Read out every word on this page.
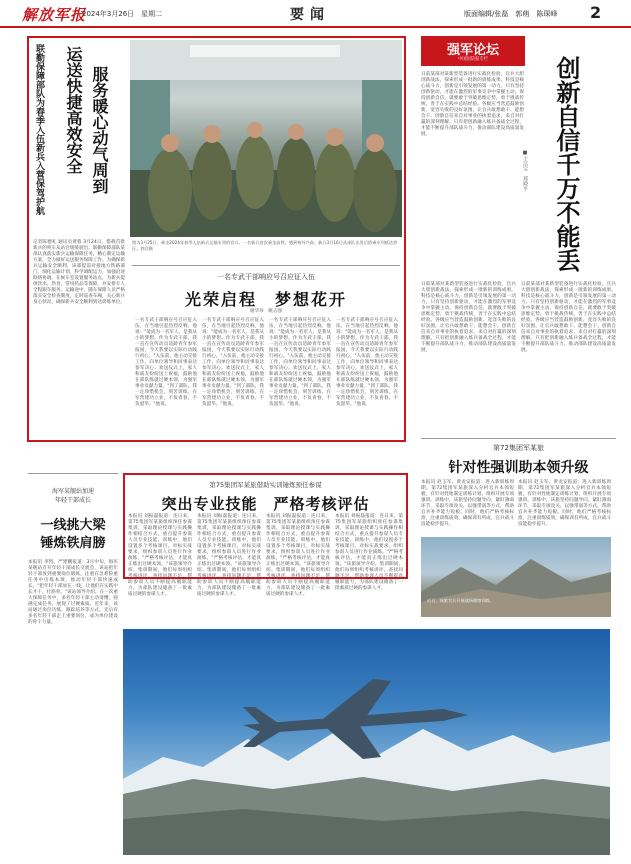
解放军报
2024年3月26日　星期二	要闻	版面编辑/张磊　郭萌　陈琛峰 2
服务暖心动气周到
运送快捷高效安全
联勤保障部队为春季入伍新兵入营保驾护航
记者陈德礼 通讯员黄蓉 3月24日，搭载首批新兵的列车从站台缓缓驶出。联勤保障部队某部认真落实新兵运输保障任务，精心制定运输方案，全力做好运送服务保障工作。为确保新兵运输安全顺利，该部提前对接地方铁路部门，细化运输计划，科学调配运力，加强沿途联络协调。在候车室设置服务站点，为新兵提供饮水、热食、常用药品等保障，并安排专人全程跟车服务。运输途中，随车保障人员严格落实安全检查制度，定时巡查车厢，关心新兵身心状况，确保新兵安全顺利到达训练单位。
图为3月25日，乘坐2024年春季入伍新兵运输专列的官兵。一名新兵首次乘坐高铁，感到格外兴奋。新兵3月16日从部队出发后搭乘专列抵达营区。郭宾摄
一名专武干部响应号召应征入伍
光荣启程　梦想花开
谢华珍　姚志强
一名专武干部响应号召应征入伍，在当地引起热烈反响。他说："能成为一名军人，是我从小的梦想。作为专武干部，我一直在宣传动员适龄青年参军报国，今天我要以实际行动践行初心。"入伍前，他主动交接工作，向单位领导和同事表达参军决心。欢送仪式上，家人和战友纷纷送上祝福，鼓励他在部队练就过硬本领，为强军事业贡献力量。"到了部队，我一定珍惜机会，刻苦训练，在军营建功立业，不负青春、不负韶华。"他说。
一名专武干部响应号召应征入伍，在当地引起热烈反响。他说："能成为一名军人，是我从小的梦想。作为专武干部，我一直在宣传动员适龄青年参军报国，今天我要以实际行动践行初心。"入伍前，他主动交接工作，向单位领导和同事表达参军决心。欢送仪式上，家人和战友纷纷送上祝福，鼓励他在部队练就过硬本领，为强军事业贡献力量。"到了部队，我一定珍惜机会，刻苦训练，在军营建功立业，不负青春、不负韶华。"他说。
一名专武干部响应号召应征入伍，在当地引起热烈反响。他说："能成为一名军人，是我从小的梦想。作为专武干部，我一直在宣传动员适龄青年参军报国，今天我要以实际行动践行初心。"入伍前，他主动交接工作，向单位领导和同事表达参军决心。欢送仪式上，家人和战友纷纷送上祝福，鼓励他在部队练就过硬本领，为强军事业贡献力量。"到了部队，我一定珍惜机会，刻苦训练，在军营建功立业，不负青春、不负韶华。"他说。
一名专武干部响应号召应征入伍，在当地引起热烈反响。他说："能成为一名军人，是我从小的梦想。作为专武干部，我一直在宣传动员适龄青年参军报国，今天我要以实际行动践行初心。"入伍前，他主动交接工作，向单位领导和同事表达参军决心。欢送仪式上，家人和战友纷纷送上祝福，鼓励他在部队练就过硬本领，为强军事业贡献力量。"到了部队，我一定珍惜机会，刻苦训练，在军营建功立业，不负青春、不负韶华。"他说。
强军论坛
中国国防报专栏	创新自信千万不能丢
■于洁宝　郑晓平
日前某部对某新型装备进行实战化检验，官兵大胆创新战法，探索形成一批新的训练成果。科技是核心战斗力，创新是引领发展的第一动力。只有坚持创新驱动，才能在激烈的军事竞争中掌握主动。保持创新自信，就要敢于突破思维定势，勇于挑战传统，善于在实践中总结经验。各级应当营造鼓励创新、宽容失败的良好氛围，让官兵敢想敢干、能想会干。创新自信来自对事业的执着追求，来自对打赢的深刻理解。只有把创新融入练兵备战全过程，才能不断提升部队战斗力，推动部队建设高质量发展。
日前某部对某新型装备进行实战化检验，官兵大胆创新战法，探索形成一批新的训练成果。科技是核心战斗力，创新是引领发展的第一动力。只有坚持创新驱动，才能在激烈的军事竞争中掌握主动。保持创新自信，就要敢于突破思维定势，勇于挑战传统，善于在实践中总结经验。各级应当营造鼓励创新、宽容失败的良好氛围，让官兵敢想敢干、能想会干。创新自信来自对事业的执着追求，来自对打赢的深刻理解。只有把创新融入练兵备战全过程，才能不断提升部队战斗力，推动部队建设高质量发展。
日前某部对某新型装备进行实战化检验，官兵大胆创新战法，探索形成一批新的训练成果。科技是核心战斗力，创新是引领发展的第一动力。只有坚持创新驱动，才能在激烈的军事竞争中掌握主动。保持创新自信，就要敢于突破思维定势，勇于挑战传统，善于在实践中总结经验。各级应当营造鼓励创新、宽容失败的良好氛围，让官兵敢想敢干、能想会干。创新自信来自对事业的执着追求，来自对打赢的深刻理解。只有把创新融入练兵备战全过程，才能不断提升部队战斗力，推动部队建设高质量发展。
第72集团军某旅
针对性强训助本领升级
本报讯 赵玉军、黄龙安报道：进入新训练周期，第72集团军某旅深入分析官兵本领短板，有针对性地制定训练计划，组织开展专项强训。训练中，该旅坚持问题导向，紧盯薄弱环节，采取专项攻关、以强带弱等方式，帮助官兵补齐能力短板。同时，他们严格考核标准，注重训练质效，确保训有所成，官兵战斗技能稳步提升。
本报讯 赵玉军、黄龙安报道：进入新训练周期，第72集团军某旅深入分析官兵本领短板，有针对性地制定训练计划，组织开展专项强训。训练中，该旅坚持问题导向，紧盯薄弱环节，采取专项攻关、以强带弱等方式，帮助官兵补齐能力短板。同时，他们严格考核标准，注重训练质效，确保训有所成，官兵战斗技能稳步提升。
近日，该旅官兵开展战场勘察训练。
第75集团军某旅借助实训锤炼预任参谋
突出专业技能　严格考核评估
本报讯 刘振磊报道：连日来，第75集团军某旅组织预任参谋集训，采取理论授课与实践操作相结合方式，重点提升参谋人员专业技能。训练中，他们设置多个考核课目，对标实战要求，组织参训人员进行作业演练。"严格考核评估，才能真正练出过硬本领。"该旅领导介绍。集训期间，他们每周组织考核讲评，查找问题不足，帮助参训人员不断提高履职能力，为部队建设储备了一批素质过硬的参谋人才。
本报讯 刘振磊报道：连日来，第75集团军某旅组织预任参谋集训，采取理论授课与实践操作相结合方式，重点提升参谋人员专业技能。训练中，他们设置多个考核课目，对标实战要求，组织参训人员进行作业演练。"严格考核评估，才能真正练出过硬本领。"该旅领导介绍。集训期间，他们每周组织考核讲评，查找问题不足，帮助参训人员不断提高履职能力，为部队建设储备了一批素质过硬的参谋人才。
本报讯 刘振磊报道：连日来，第75集团军某旅组织预任参谋集训，采取理论授课与实践操作相结合方式，重点提升参谋人员专业技能。训练中，他们设置多个考核课目，对标实战要求，组织参训人员进行作业演练。"严格考核评估，才能真正练出过硬本领。"该旅领导介绍。集训期间，他们每周组织考核讲评，查找问题不足，帮助参训人员不断提高履职能力，为部队建设储备了一批素质过硬的参谋人才。
本报讯 刘振磊报道：连日来，第75集团军某旅组织预任参谋集训，采取理论授课与实践操作相结合方式，重点提升参谋人员专业技能。训练中，他们设置多个考核课目，对标实战要求，组织参训人员进行作业演练。"严格考核评估，才能真正练出过硬本领。"该旅领导介绍。集训期间，他们每周组织考核讲评，查找问题不足，帮助参训人员不断提高履职能力，为部队建设储备了一批素质过硬的参谋人才。
海军某舰站加速
年轻干部成长
一线挑大梁
锤炼铁肩膀
本报讯 李凯、严建鹏报道：3月中旬，海军某舰站召开年轻干部成长交流会，该站把年轻干部放到重要岗位锻炼，注重在急难险重任务中历练本领，推动年轻干部快速成长。"把年轻干部放在一线，让他们在实践中长才干、壮筋骨。"该站领导介绍。在一次重大保障任务中，多名年轻干部主动请缨，圆满完成任务，展现了过硬素质。近年来，该站通过岗位历练、跟踪培养等方式，先后有多名年轻干部走上重要岗位，成为单位建设的骨干力量。
